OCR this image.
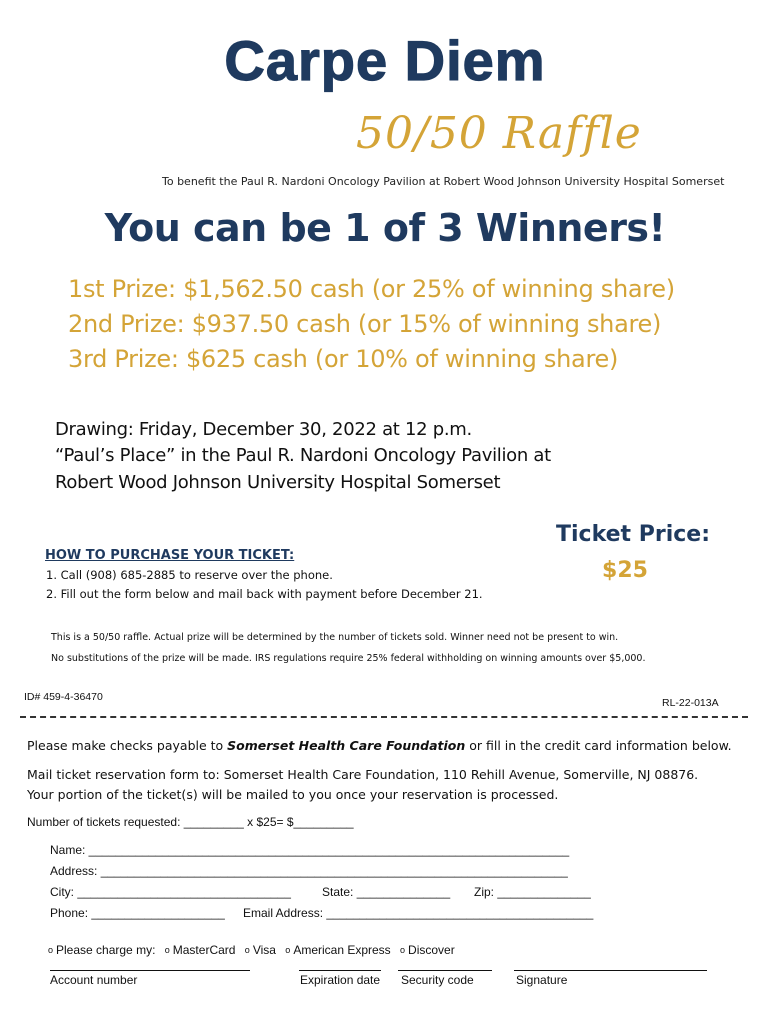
Carpe Diem
50/50 Raffle
To benefit the Paul R. Nardoni Oncology Pavilion at Robert Wood Johnson University Hospital Somerset
You can be 1 of 3 Winners!
1st Prize: $1,562.50 cash (or 25% of winning share)
2nd Prize: $937.50 cash (or 15% of winning share)
3rd Prize: $625 cash (or 10% of winning share)
Drawing: Friday, December 30, 2022 at 12 p.m.
“Paul’s Place” in the Paul R. Nardoni Oncology Pavilion at
Robert Wood Johnson University Hospital Somerset
Ticket Price:
$25
HOW TO PURCHASE YOUR TICKET:
1. Call (908) 685-2885 to reserve over the phone.
2. Fill out the form below and mail back with payment before December 21.
This is a 50/50 raffle. Actual prize will be determined by the number of tickets sold. Winner need not be present to win.
No substitutions of the prize will be made. IRS regulations require 25% federal withholding on winning amounts over $5,000.
ID# 459-4-36470	RL-22-013A
Please make checks payable to Somerset Health Care Foundation or fill in the credit card information below.
Mail ticket reservation form to: Somerset Health Care Foundation, 110 Rehill Avenue, Somerville, NJ 08876.
Your portion of the ticket(s) will be mailed to you once your reservation is processed.
Number of tickets requested: _________ x $25= $_________
Name: ________________________________________________________________________
Address: ______________________________________________________________________
City: ________________________________	State: ______________ Zip: ______________
Phone: ____________________ Email Address: ________________________________________
o Please charge my: o MasterCard o Visa o American Express o Discover
Account number	Expiration date Security code	Signature
